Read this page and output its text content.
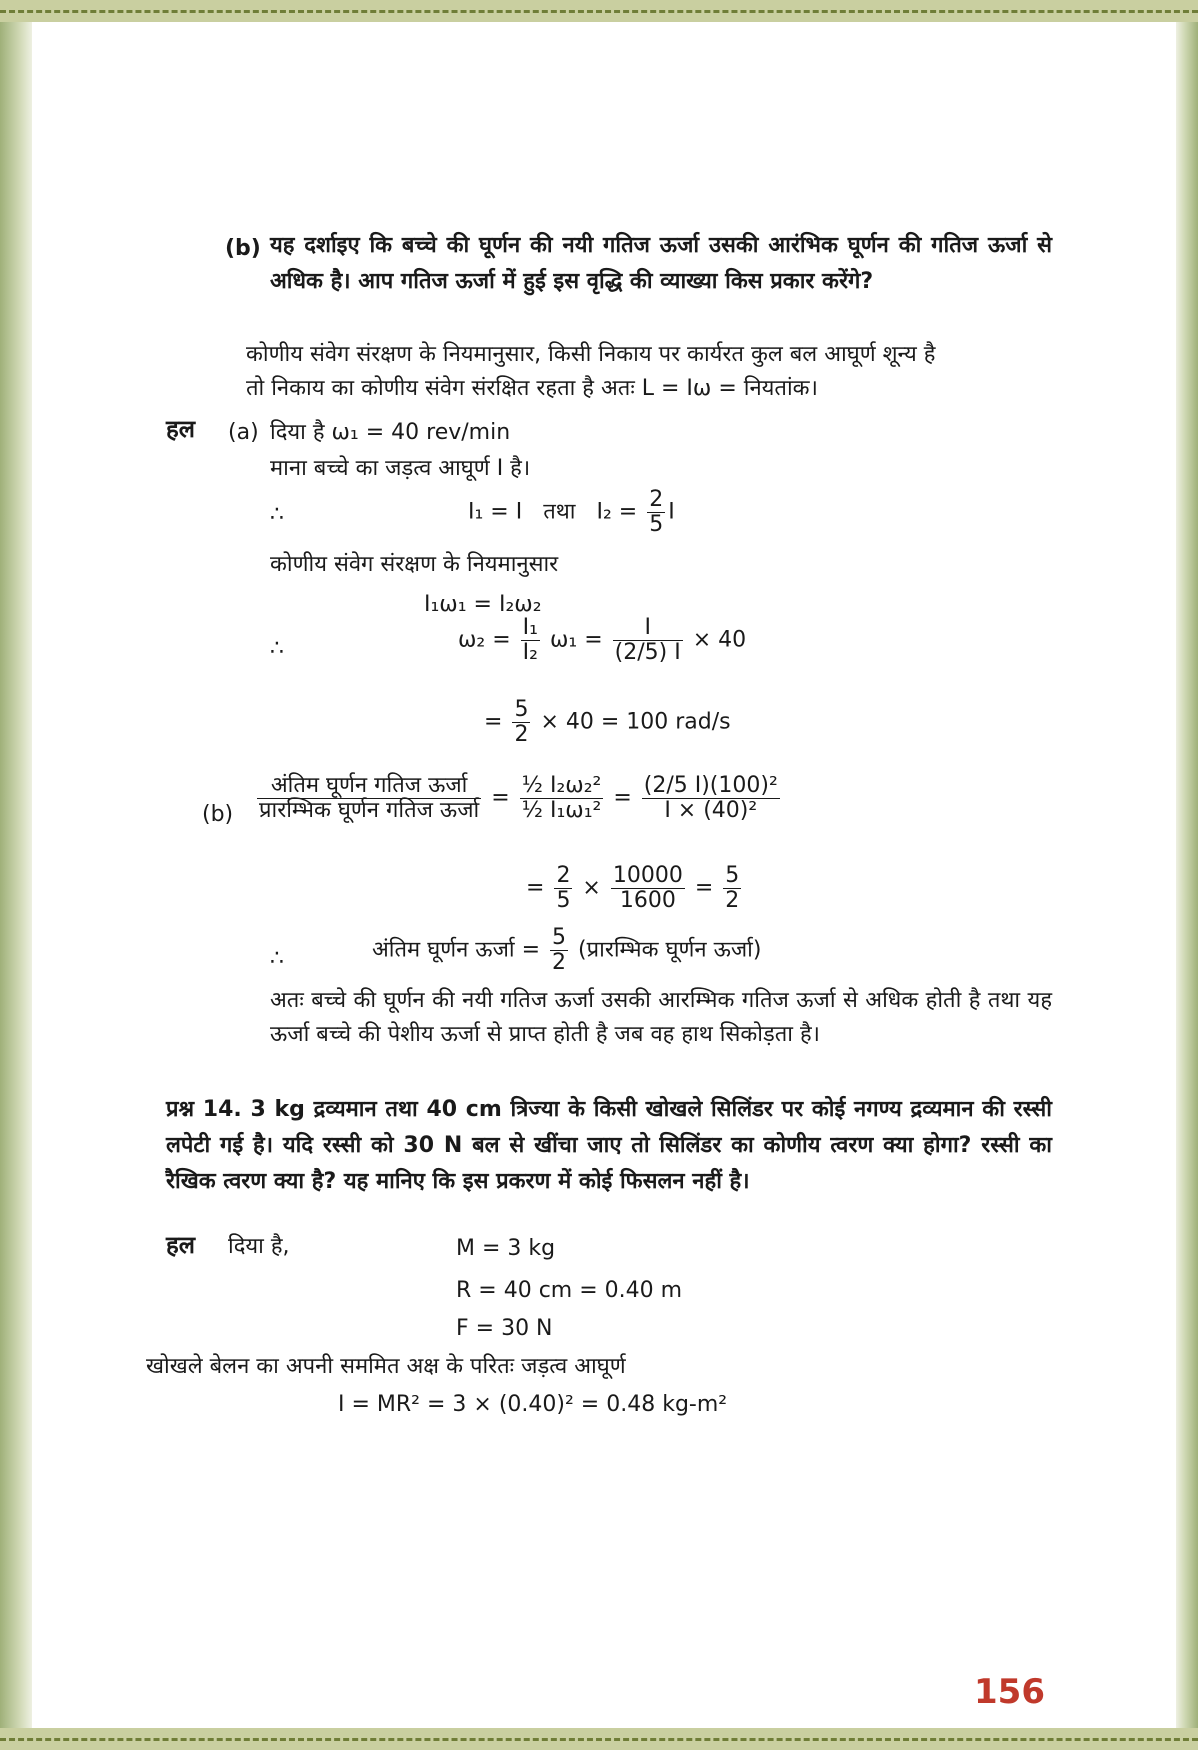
(b) यह दर्शाइए कि बच्चे की घूर्णन की नयी गतिज ऊर्जा उसकी आरंभिक घूर्णन की गतिज ऊर्जा से अधिक है। आप गतिज ऊर्जा में हुई इस वृद्धि की व्याख्या किस प्रकार करेंगे?
कोणीय संवेग संरक्षण के नियमानुसार, किसी निकाय पर कार्यरत कुल बल आघूर्ण शून्य है
तो निकाय का कोणीय संवेग संरक्षित रहता है अतः L = Iω = नियतांक।
हल (a) दिया है ω₁ = 40 rev/min
माना बच्चे का जड़त्व आघूर्ण I है।
∴	I₁ = I तथा $I_2 = \frac{2}{5}$ I
कोणीय संवेग संरक्षण के नियमानुसार
I₁ω₁ = I₂ω₂
∴	$\omega_2 = \frac{\text{I₁}}{\text{I₂}} \omega_1 = \frac{I}{(2/5) I} \times 40$
= $\frac{5}{2} \times 40 = 100$ rad/s
$(b) \frac{\text{अंतिम घूर्णन गतिज ऊर्जा}}{\text{प्रारम्भिक घूर्णन गतिज ऊर्जा}} = \frac{\text{½ I₂ω₂²}}{\text{½ I₁ω₁²}} = \frac{\text{(2/5 I)(100)²}}{\text{I × (40)²}}$
= $\frac{2}{5} \times \frac{10000}{1600} = \frac{5}{2}$
∴	अंतिम घूर्णन ऊर्जा = $\frac{5}{2}$ (प्रारम्भिक घूर्णन ऊर्जा)
अतः बच्चे की घूर्णन की नयी गतिज ऊर्जा उसकी आरम्भिक गतिज ऊर्जा से अधिक होती है तथा यह ऊर्जा बच्चे की पेशीय ऊर्जा से प्राप्त होती है जब वह हाथ सिकोड़ता है।
प्रश्न 14. 3 kg द्रव्यमान तथा 40 cm त्रिज्या के किसी खोखले सिलिंडर पर कोई नगण्य द्रव्यमान की रस्सी लपेटी गई है। यदि रस्सी को 30 N बल से खींचा जाए तो सिलिंडर का कोणीय त्वरण क्या होगा? रस्सी का रैखिक त्वरण क्या है? यह मानिए कि इस प्रकरण में कोई फिसलन नहीं है।
हल दिया है,	M = 3 kg
R = 40 cm = 0.40 m
F = 30 N
खोखले बेलन का अपनी सममित अक्ष के परितः जड़त्व आघूर्ण
I = MR² = 3 × (0.40)² = 0.48 kg-m²
156
